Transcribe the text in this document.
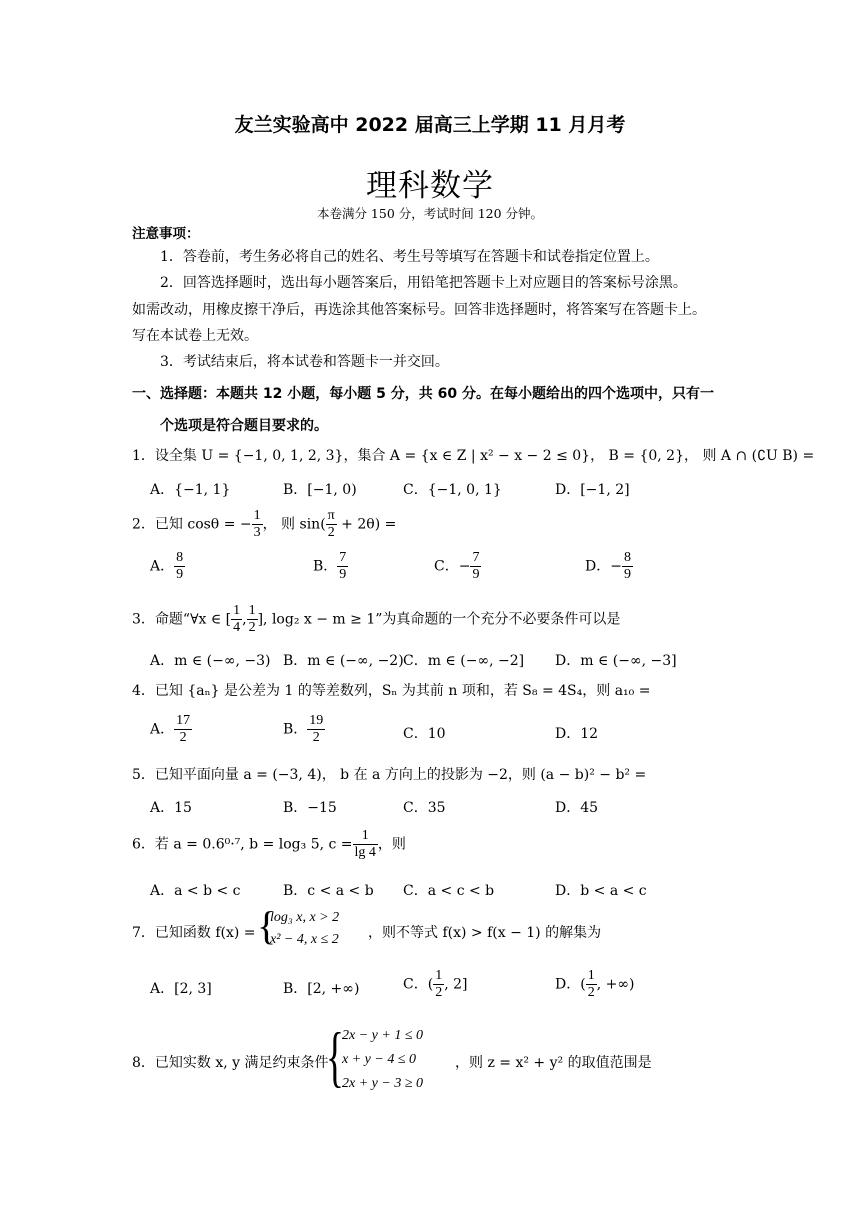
友兰实验高中 2022 届高三上学期 11 月月考
理科数学
本卷满分 150 分，考试时间 120 分钟。
注意事项：
1．答卷前，考生务必将自己的姓名、考生号等填写在答题卡和试卷指定位置上。
2．回答选择题时，选出每小题答案后，用铅笔把答题卡上对应题目的答案标号涂黑。
如需改动，用橡皮擦干净后，再选涂其他答案标号。回答非选择题时，将答案写在答题卡上。
写在本试卷上无效。
3．考试结束后，将本试卷和答题卡一并交回。
一、选择题：本题共 12 小题，每小题 5 分，共 60 分。在每小题给出的四个选项中，只有一
个选项是符合题目要求的。
1．设全集 U = {−1, 0, 1, 2, 3}，集合 A = {x ∈ Z | x² − x − 2 ≤ 0}， B = {0, 2}， 则 A ∩ (∁U B) =
A．{−1, 1}	B．[−1, 0)	C．{−1, 0, 1}	D．[−1, 2]
2．已知 cosθ = − $\frac{1}{3}$ ， 则 $\sin( \frac{\pi}{2} + 2\theta)$ =
A． $\frac{8}{9}$	B． $\frac{7}{9}$	C．− $\frac{7}{9}$	D．− $\frac{8}{9}$
3．命题“∀x ∈ [ $\frac{1}{4}$ , $\frac{1}{2}$ ], log₂ x − m ≥ 1”为真命题的一个充分不必要条件可以是
A．m ∈ (−∞, −3) B．m ∈ (−∞, −2) C．m ∈ (−∞, −2] D．m ∈ (−∞, −3]
4．已知 {aₙ} 是公差为 1 的等差数列，Sₙ 为其前 n 项和，若 S₈ = 4S₄，则 a₁₀ =
A． $\frac{17}{2}$	B． $\frac{19}{2}$	C．10	D．12
5．已知平面向量 a = (−3, 4)， b 在 a 方向上的投影为 −2，则 (a − b)² − b² =
A．15	B．−15	C．35	D．45
6．若 a = 0.6⁰·⁷, b = log₃ 5, $c = \frac{1}{\lg 4}$ ，则
A．a < b < c	B．c < a < b C．a < c < b	D．b < a < c
7．已知函数 f(x) = {
log₃ x, x > 2
x² − 4, x ≤ 2 ，则不等式 f(x) > f(x − 1) 的解集为
A．[2, 3]	B．[2, +∞)	C．( $\frac{1}{2}$ , 2]	D．( $\frac{1}{2}$ , +∞)
8．已知实数 x, y 满足约束条件
{
2x − y + 1 ≤ 0
x + y − 4 ≤ 0
2x + y − 3 ≥ 0
，则 z = x² + y² 的取值范围是
